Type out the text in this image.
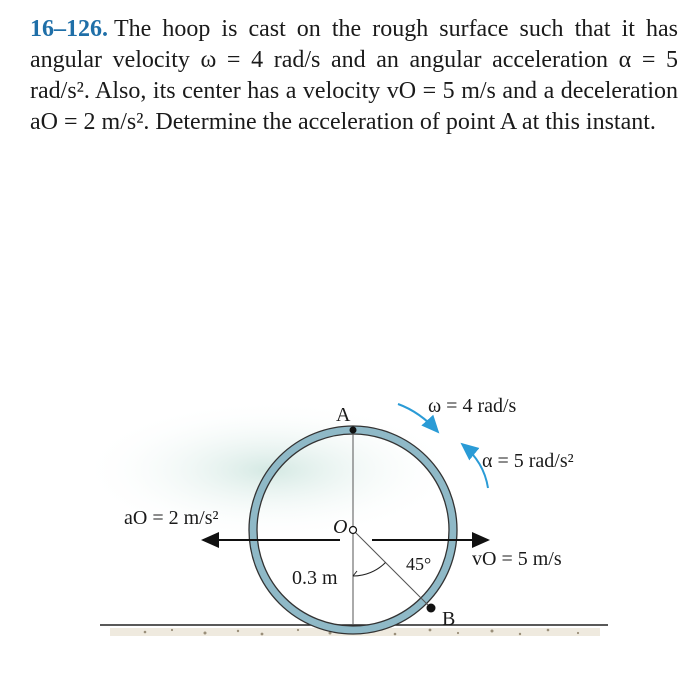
16–126. The hoop is cast on the rough surface such that it has angular velocity ω = 4 rad/s and an angular acceleration α = 5 rad/s². Also, its center has a velocity vO = 5 m/s and a deceleration aO = 2 m/s². Determine the acceleration of point A at this instant.
ω = 4 rad/s
α = 5 rad/s²
aO = 2 m/s²
vO = 5 m/s
0.3 m
45°
A
B
O
